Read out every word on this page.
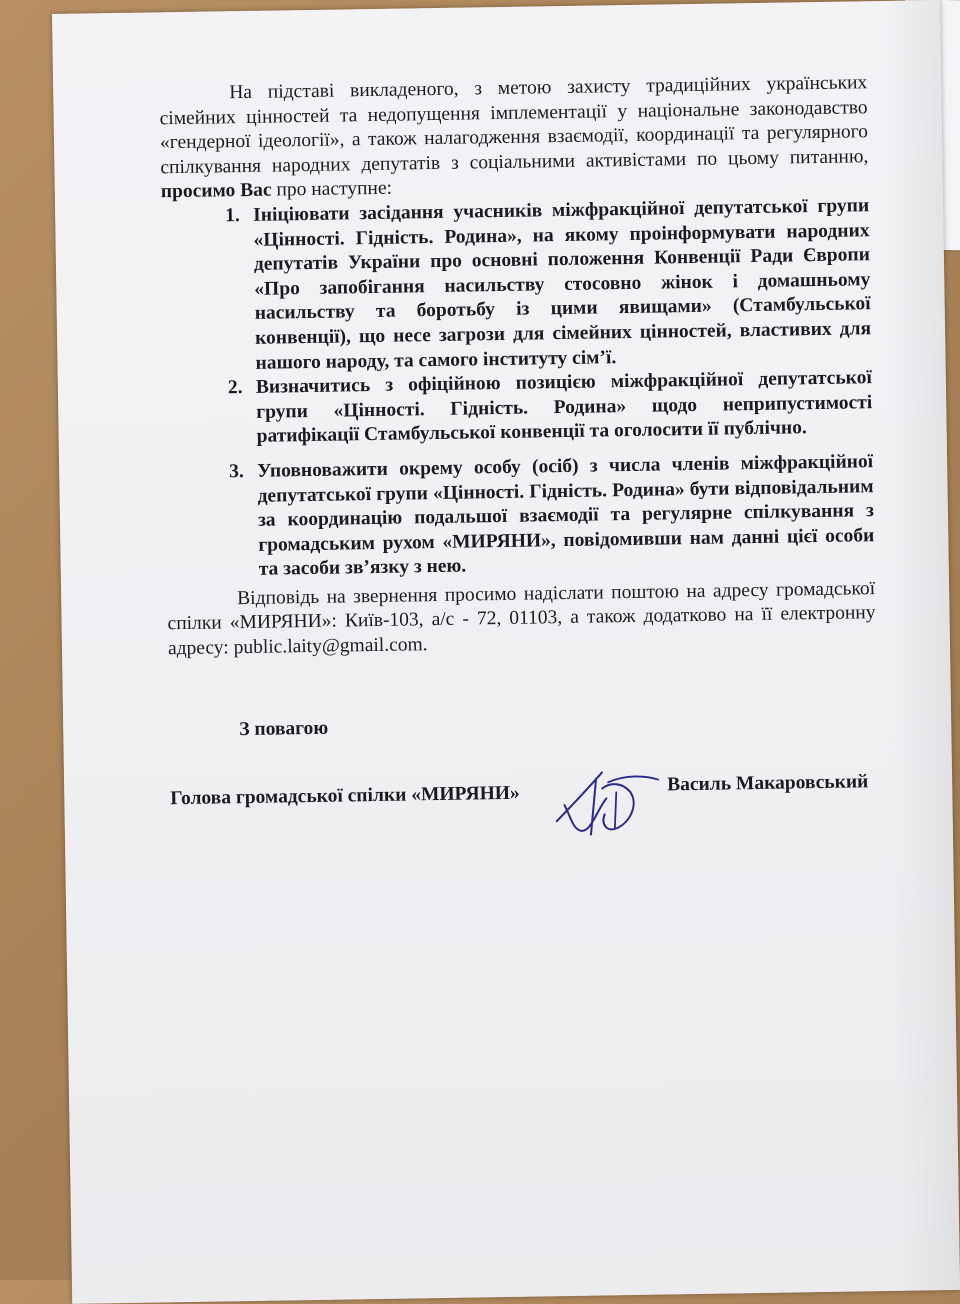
На підставі викладеного, з метою захисту традиційних українських сімейних цінностей та недопущення імплементації у національне законодавство «гендерної ідеології», а також налагодження взаємодії, координації та регулярного спілкування народних депутатів з соціальними активістами по цьому питанню, просимо Вас про наступне:

1. Ініціювати засідання учасників міжфракційної депутатської групи «Цінності. Гідність. Родина», на якому проінформувати народних депутатів України про основні положення Конвенції Ради Європи «Про запобігання насильству стосовно жінок і домашньому насильству та боротьбу із цими явищами» (Стамбульської конвенції), що несе загрози для сімейних цінностей, властивих для нашого народу, та самого інституту сім’ї.
2. Визначитись з офіційною позицією міжфракційної депутатської групи «Цінності. Гідність. Родина» щодо неприпустимості ратифікації Стамбульської конвенції та оголосити її публічно.
3. Уповноважити окрему особу (осіб) з числа членів міжфракційної депутатської групи «Цінності. Гідність. Родина» бути відповідальним за координацію подальшої взаємодії та регулярне спілкування з громадським рухом «МИРЯНИ», повідомивши нам данні цієї особи та засоби зв’язку з нею.

Відповідь на звернення просимо надіслати поштою на адресу громадської спілки «МИРЯНИ»: Київ-103, а/с - 72, 01103, а також додатково на її електронну адресу: public.laity@gmail.com.

З повагою
Голова громадської спілки «МИРЯНИ»	Василь Макаровський
